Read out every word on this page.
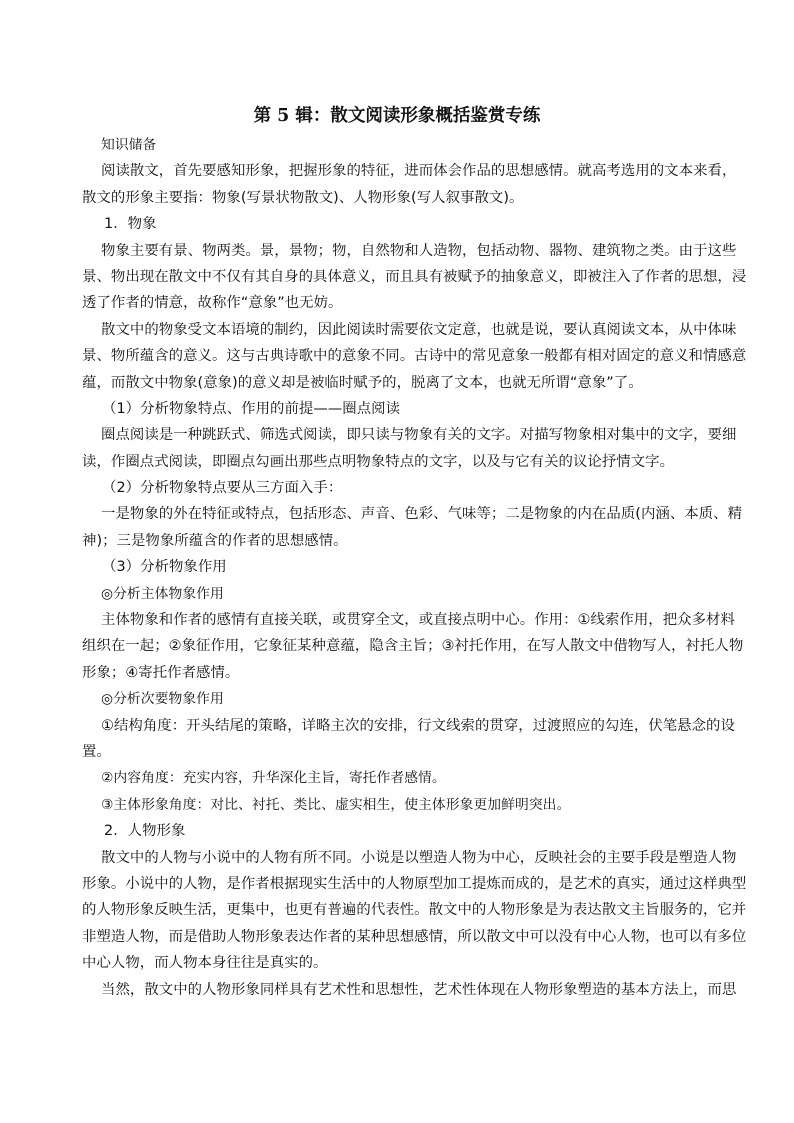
第 5 辑：散文阅读形象概括鉴赏专练
知识储备
阅读散文，首先要感知形象，把握形象的特征，进而体会作品的思想感情。就高考选用的文本来看，
散文的形象主要指：物象(写景状物散文)、人物形象(写人叙事散文)。
1．物象
物象主要有景、物两类。景，景物；物，自然物和人造物，包括动物、器物、建筑物之类。由于这些
景、物出现在散文中不仅有其自身的具体意义，而且具有被赋予的抽象意义，即被注入了作者的思想，浸
透了作者的情意，故称作“意象”也无妨。
散文中的物象受文本语境的制约，因此阅读时需要依文定意，也就是说，要认真阅读文本，从中体味
景、物所蕴含的意义。这与古典诗歌中的意象不同。古诗中的常见意象一般都有相对固定的意义和情感意
蕴，而散文中物象(意象)的意义却是被临时赋予的，脱离了文本，也就无所谓“意象”了。
（1）分析物象特点、作用的前提——圈点阅读
圈点阅读是一种跳跃式、筛选式阅读，即只读与物象有关的文字。对描写物象相对集中的文字，要细
读，作圈点式阅读，即圈点勾画出那些点明物象特点的文字，以及与它有关的议论抒情文字。
（2）分析物象特点要从三方面入手：
一是物象的外在特征或特点，包括形态、声音、色彩、气味等；二是物象的内在品质(内涵、本质、精
神)；三是物象所蕴含的作者的思想感情。
（3）分析物象作用
◎分析主体物象作用
主体物象和作者的感情有直接关联，或贯穿全文，或直接点明中心。作用：①线索作用，把众多材料
组织在一起；②象征作用，它象征某种意蕴，隐含主旨；③衬托作用，在写人散文中借物写人，衬托人物
形象；④寄托作者感情。
◎分析次要物象作用
①结构角度：开头结尾的策略，详略主次的安排，行文线索的贯穿，过渡照应的勾连，伏笔悬念的设
置。
②内容角度：充实内容，升华深化主旨，寄托作者感情。
③主体形象角度：对比、衬托、类比、虚实相生，使主体形象更加鲜明突出。
2．人物形象
散文中的人物与小说中的人物有所不同。小说是以塑造人物为中心，反映社会的主要手段是塑造人物
形象。小说中的人物，是作者根据现实生活中的人物原型加工提炼而成的，是艺术的真实，通过这样典型
的人物形象反映生活，更集中，也更有普遍的代表性。散文中的人物形象是为表达散文主旨服务的，它并
非塑造人物，而是借助人物形象表达作者的某种思想感情，所以散文中可以没有中心人物，也可以有多位
中心人物，而人物本身往往是真实的。
当然，散文中的人物形象同样具有艺术性和思想性，艺术性体现在人物形象塑造的基本方法上，而思
